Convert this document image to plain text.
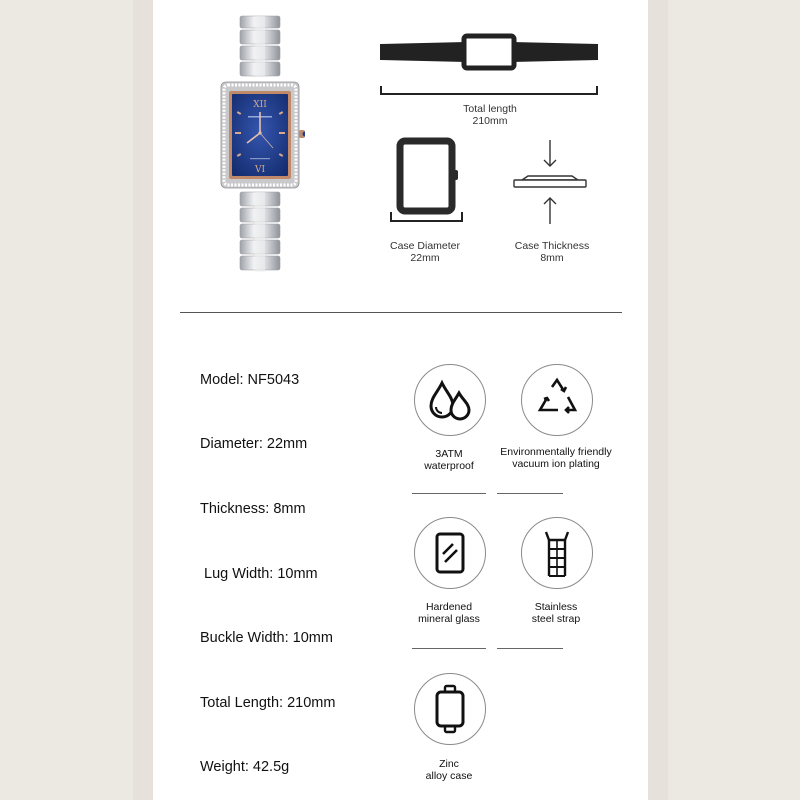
XII
VI
Total length
210mm
Case Diameter
22mm
Case Thickness
8mm
Model: NF5043
Diameter: 22mm
Thickness: 8mm
Lug Width: 10mm
Buckle Width: 10mm
Total Length: 210mm
Weight: 42.5g
3ATM
waterproof
Environmentally friendly
vacuum ion plating
Hardened
mineral glass
Stainless
steel strap
Zinc
alloy case
